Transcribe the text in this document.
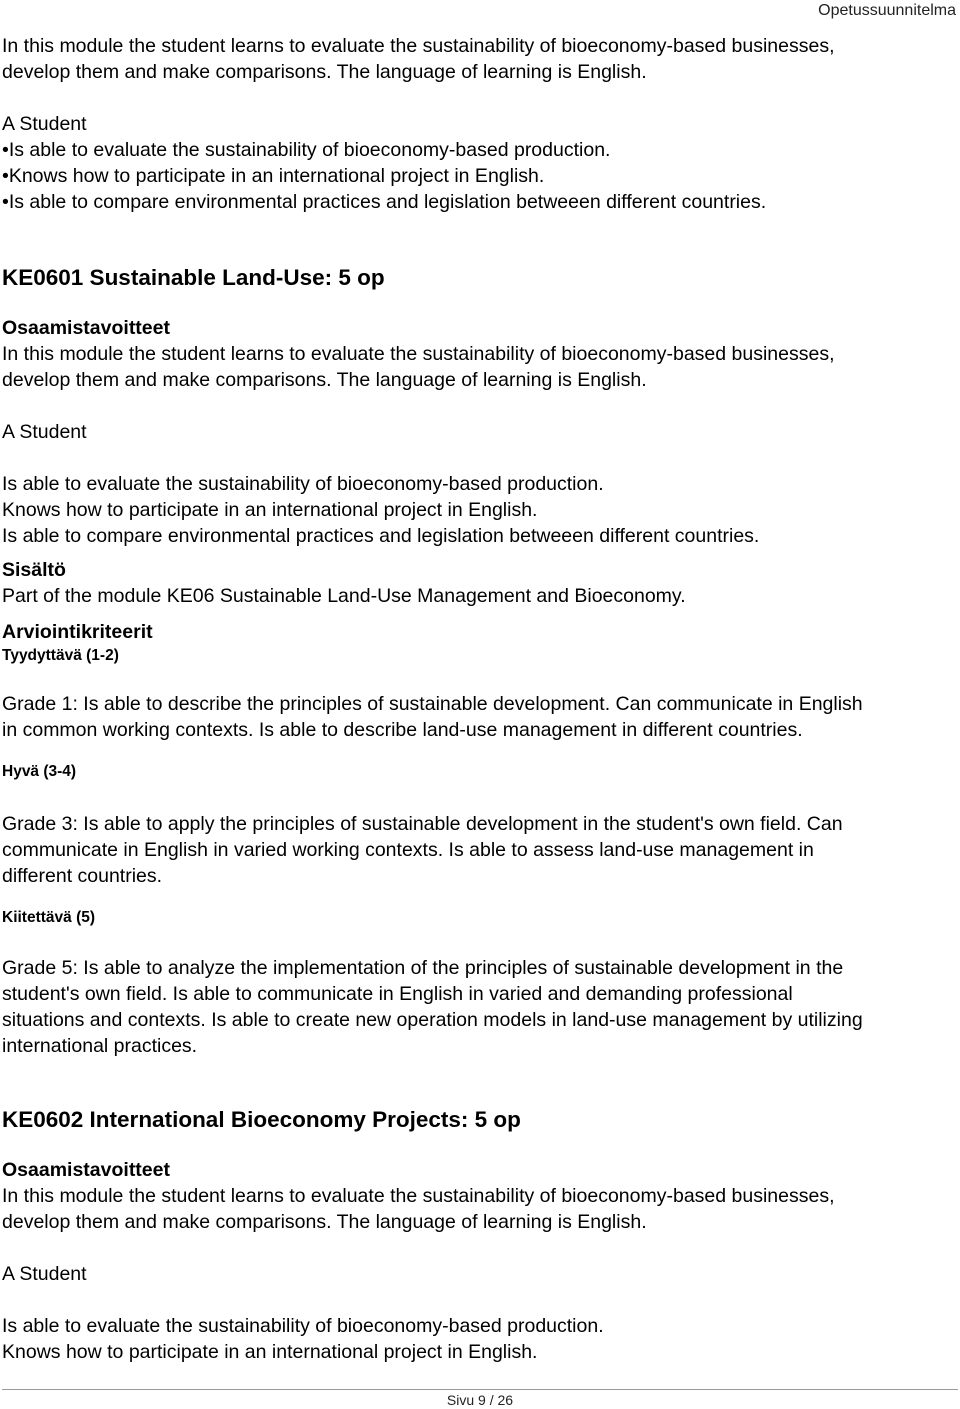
Opetussuunnitelma

In this module the student learns to evaluate the sustainability of bioeconomy-based businesses,

develop them and make comparisons. The language of learning is English.

A Student

•Is able to evaluate the sustainability of bioeconomy-based production.

•Knows how to participate in an international project in English.

•Is able to compare environmental practices and legislation betweeen different countries.

KE0601 Sustainable Land-Use: 5 op
Osaamistavoitteet

In this module the student learns to evaluate the sustainability of bioeconomy-based businesses,

develop them and make comparisons. The language of learning is English.

A Student

Is able to evaluate the sustainability of bioeconomy-based production.

Knows how to participate in an international project in English.

Is able to compare environmental practices and legislation betweeen different countries.

Sisältö

Part of the module KE06 Sustainable Land-Use Management and Bioeconomy.

Arviointikriteerit

Tyydyttävä (1-2)

Grade 1: Is able to describe the principles of sustainable development. Can communicate in English

in common working contexts. Is able to describe land-use management in different countries.

Hyvä (3-4)

Grade 3: Is able to apply the principles of sustainable development in the student's own field. Can

communicate in English in varied working contexts. Is able to assess land-use management in

different countries.

Kiitettävä (5)

Grade 5: Is able to analyze the implementation of the principles of sustainable development in the

student's own field. Is able to communicate in English in varied and demanding professional

situations and contexts. Is able to create new operation models in land-use management by utilizing

international practices.

KE0602 International Bioeconomy Projects: 5 op
Osaamistavoitteet

In this module the student learns to evaluate the sustainability of bioeconomy-based businesses,

develop them and make comparisons. The language of learning is English.

A Student

Is able to evaluate the sustainability of bioeconomy-based production.

Knows how to participate in an international project in English.

Sivu 9 / 26
